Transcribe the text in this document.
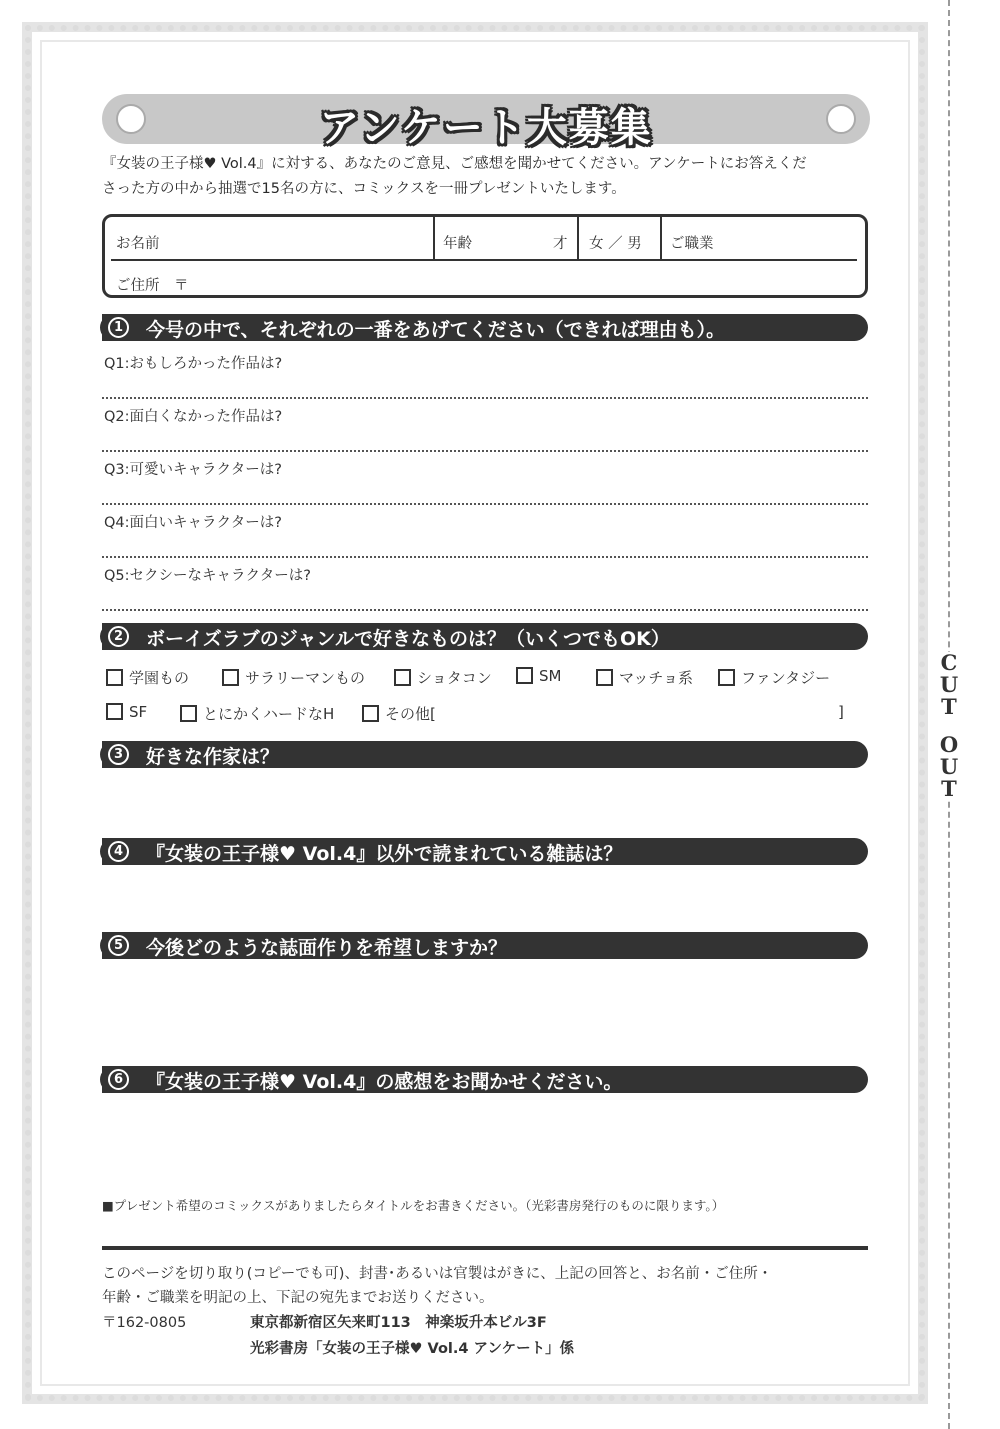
C
U
T
O
U
T
アンケート大募集
『女装の王子様♥ Vol.4』に対する、あなたのご意見、ご感想を聞かせてください。アンケートにお答えくだ
さった方の中から抽選で15名の方に、コミックスを一冊プレゼントいたします。
お名前	年齢	才 女 ／ 男 ご職業
ご住所　〒
1	今号の中で、それぞれの一番をあげてください（できれば理由も）。
Q1:おもしろかった作品は?
Q2:面白くなかった作品は?
Q3:可愛いキャラクターは?
Q4:面白いキャラクターは?
Q5:セクシーなキャラクターは?
2	ボーイズラブのジャンルで好きなものは？（いくつでもOK）
学園もの	サラリーマンもの	ショタコン	SM	マッチョ系	ファンタジー
SF	とにかくハードなH	その他[	]
3	好きな作家は？
4	『女装の王子様♥ Vol.4』以外で読まれている雑誌は？
5	今後どのような誌面作りを希望しますか？
6	『女装の王子様♥ Vol.4』の感想をお聞かせください。
■プレゼント希望のコミックスがありましたらタイトルをお書きください。（光彩書房発行のものに限ります。）
このページを切り取り(コピーでも可)、封書･あるいは官製はがきに、上記の回答と、お名前・ご住所・
年齢・ご職業を明記の上、下記の宛先までお送りください。
〒162-0805	東京都新宿区矢来町113　神楽坂升本ビル3F
光彩書房「女装の王子様♥ Vol.4 アンケート」係
